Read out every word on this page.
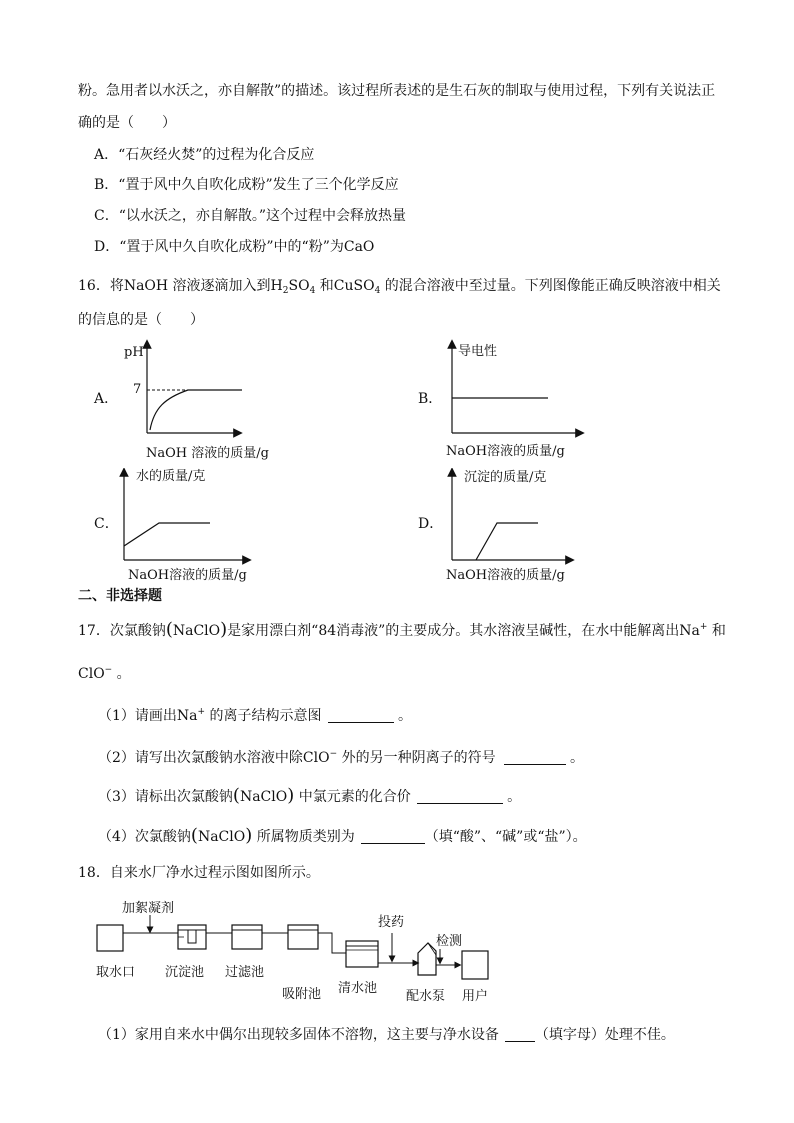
粉。急用者以水沃之，亦自解散”的描述。该过程所表述的是生石灰的制取与使用过程，下列有关说法正
确的是（　　）
A．“石灰经火焚”的过程为化合反应
B．“置于风中久自吹化成粉”发生了三个化学反应
C．“以水沃之，亦自解散。”这个过程中会释放热量
D．“置于风中久自吹化成粉”中的“粉”为CaO
16．将NaOH 溶液逐滴加入到$H_2SO_4$ 和CuSO$_4$ 的混合溶液中至过量。下列图像能正确反映溶液中相关
的信息的是（　　）
A．
pH
7
NaOH 溶液的质量/g
B．
导电性
NaOH溶液的质量/g
C．
水的质量/克
NaOH溶液的质量/g
D．
沉淀的质量/克
NaOH溶液的质量/g
二、非选择题
17．次氯酸钠(NaClO)是家用漂白剂“84消毒液”的主要成分。其水溶液呈碱性，在水中能解离出Na+ 和
ClO− 。
（1）请画出Na+ 的离子结构示意图	。
（2）请写出次氯酸钠水溶液中除ClO− 外的另一种阴离子的符号	。
（3）请标出次氯酸钠(NaClO) 中氯元素的化合价	。
（4）次氯酸钠(NaClO) 所属物质类别为	（填“酸”、“碱”或“盐”）。
18．自来水厂净水过程示图如图所示。
加絮凝剂
取水口 沉淀池 过滤池
吸附池 清水池
投药
检测
配水泵 用户
（1）家用自来水中偶尔出现较多固体不溶物，这主要与净水设备	（填字母）处理不佳。
